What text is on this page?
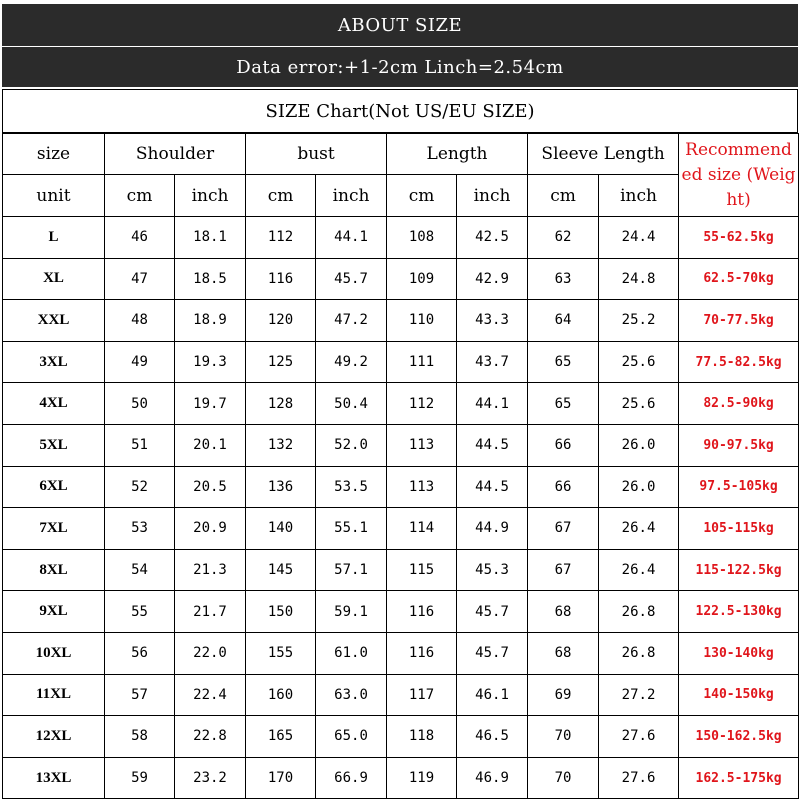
ABOUT SIZE
Data error:+1-2cm Linch=2.54cm
SIZE Chart(Not US/EU SIZE)
size	Shoulder		bust		Length		Sleeve Length		Recommended size (Weight)
unit	cm	inch	cm	inch	cm	inch	cm	inch	
L	46	18.1	112	44.1	108	42.5	62	24.4	55-62.5kg
XL	47	18.5	116	45.7	109	42.9	63	24.8	62.5-70kg
XXL	48	18.9	120	47.2	110	43.3	64	25.2	70-77.5kg
3XL	49	19.3	125	49.2	111	43.7	65	25.6	77.5-82.5kg
4XL	50	19.7	128	50.4	112	44.1	65	25.6	82.5-90kg
5XL	51	20.1	132	52.0	113	44.5	66	26.0	90-97.5kg
6XL	52	20.5	136	53.5	113	44.5	66	26.0	97.5-105kg
7XL	53	20.9	140	55.1	114	44.9	67	26.4	105-115kg
8XL	54	21.3	145	57.1	115	45.3	67	26.4	115-122.5kg
9XL	55	21.7	150	59.1	116	45.7	68	26.8	122.5-130kg
10XL	56	22.0	155	61.0	116	45.7	68	26.8	130-140kg
11XL	57	22.4	160	63.0	117	46.1	69	27.2	140-150kg
12XL	58	22.8	165	65.0	118	46.5	70	27.6	150-162.5kg
13XL	59	23.2	170	66.9	119	46.9	70	27.6	162.5-175kg
